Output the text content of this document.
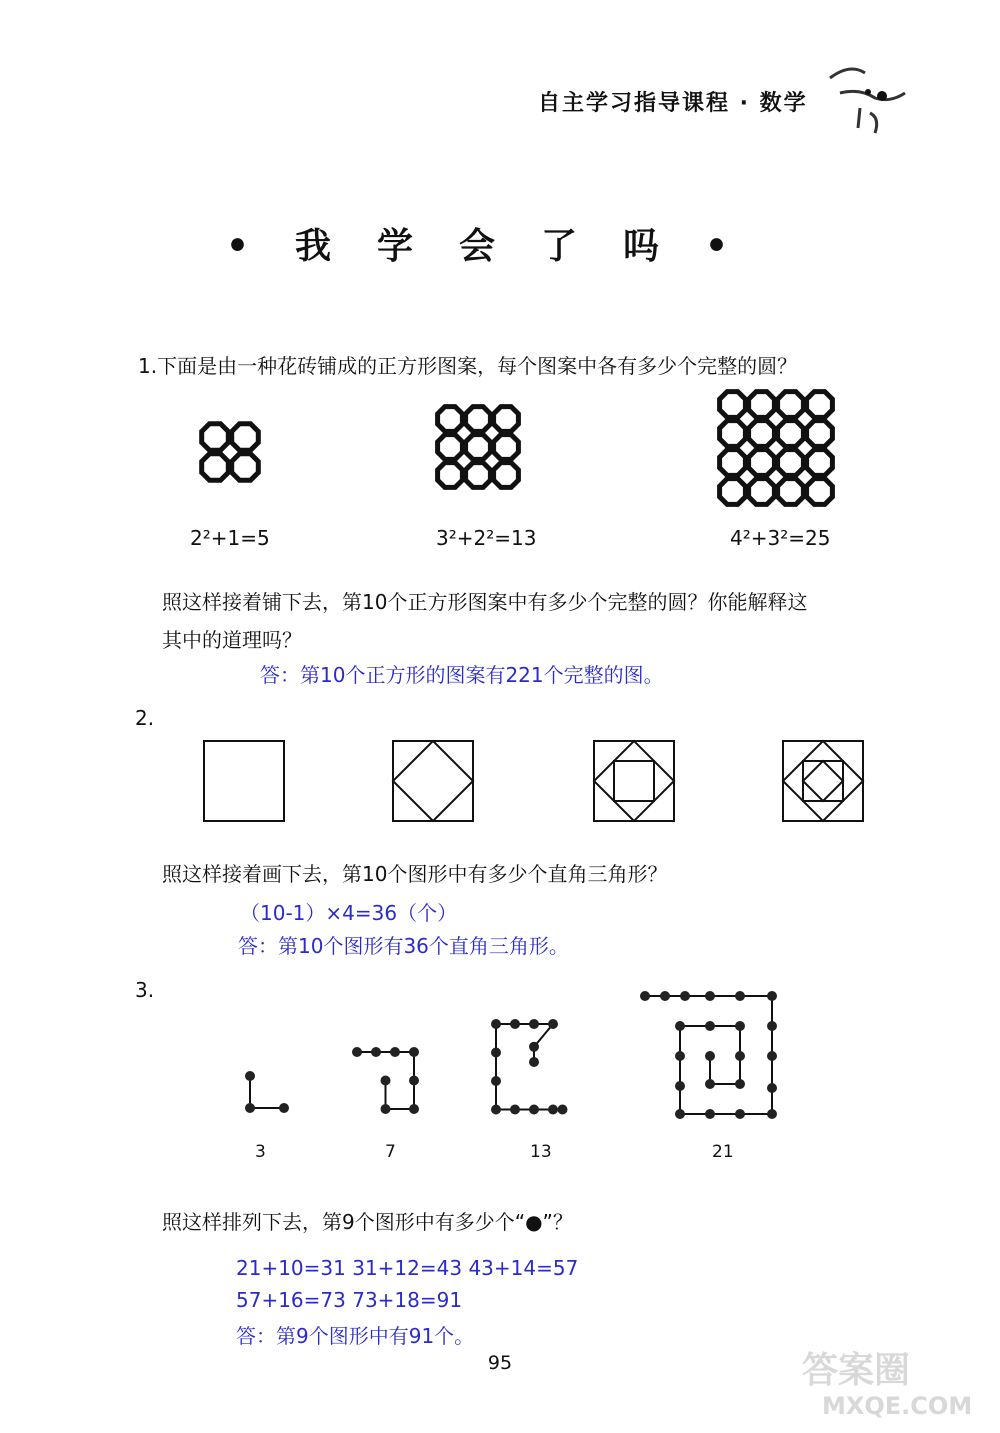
自主学习指导课程 · 数学
•我学会了吗•
1.下面是由一种花砖铺成的正方形图案，每个图案中各有多少个完整的圆？
2²+1=5	3²+2²=13	4²+3²=25
照这样接着铺下去，第10个正方形图案中有多少个完整的圆？你能解释这
其中的道理吗？
答：第10个正方形的图案有221个完整的图。
2.
照这样接着画下去，第10个图形中有多少个直角三角形？
（10-1）×4=36（个）
答：第10个图形有36个直角三角形。
3.
3	7	13	21
照这样排列下去，第9个图形中有多少个“●”？
21+10=31 31+12=43 43+14=57
57+16=73 73+18=91
答：第9个图形中有91个。
95	答案圈
MXQE.COM
